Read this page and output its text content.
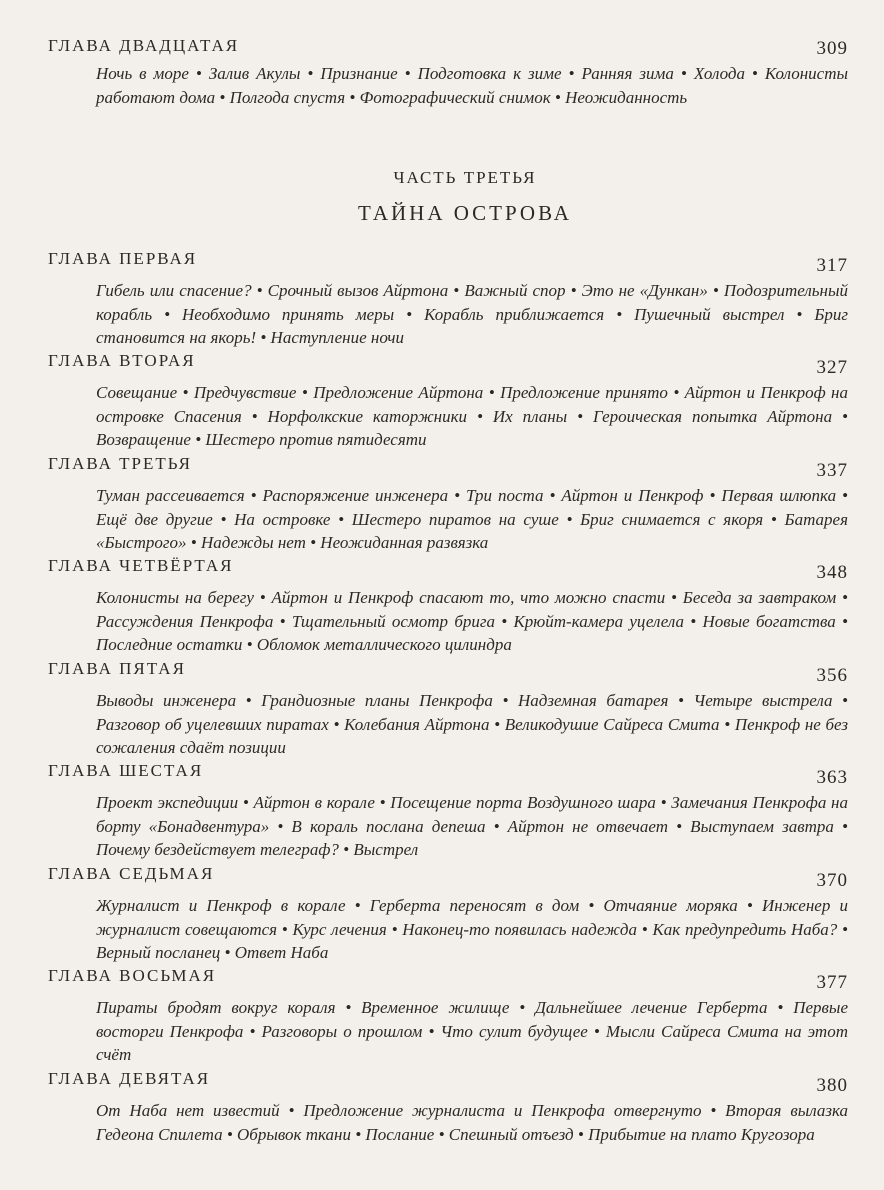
ГЛАВА ДВАДЦАТАЯ	309
Ночь в море • Залив Акулы • Признание • Подготовка к зиме • Ранняя зима • Холода • Колонисты работают дома • Полгода спустя • Фотографический снимок • Неожиданность
ЧАСТЬ ТРЕТЬЯ
ТАЙНА ОСТРОВА
ГЛАВА ПЕРВАЯ	317
Гибель или спасение? • Срочный вызов Айртона • Важный спор • Это не «Дункан» • Подозрительный корабль • Необходимо принять меры • Корабль приближается • Пушечный выстрел • Бриг становится на якорь! • Наступление ночи
ГЛАВА ВТОРАЯ	327
Совещание • Предчувствие • Предложение Айртона • Предложение принято • Айртон и Пенкроф на островке Спасения • Норфолкские каторжники • Их планы • Героическая попытка Айртона • Возвращение • Шестеро против пятидесяти
ГЛАВА ТРЕТЬЯ	337
Туман рассеивается • Распоряжение инженера • Три поста • Айртон и Пенкроф • Первая шлюпка • Ещё две другие • На островке • Шестеро пиратов на суше • Бриг снимается с якоря • Батарея «Быстрого» • Надежды нет • Неожиданная развязка
ГЛАВА ЧЕТВЁРТАЯ	348
Колонисты на берегу • Айртон и Пенкроф спасают то, что можно спасти • Беседа за завтраком • Рассуждения Пенкрофа • Тщательный осмотр брига • Крюйт-камера уцелела • Новые богатства • Последние остатки • Обломок металлического цилиндра
ГЛАВА ПЯТАЯ	356
Выводы инженера • Грандиозные планы Пенкрофа • Надземная батарея • Четыре выстрела • Разговор об уцелевших пиратах • Колебания Айртона • Великодушие Сайреса Смита • Пенкроф не без сожаления сдаёт позиции
ГЛАВА ШЕСТАЯ	363
Проект экспедиции • Айртон в корале • Посещение порта Воздушного шара • Замечания Пенкрофа на борту «Бонадвентура» • В кораль послана депеша • Айртон не отвечает • Выступаем завтра • Почему бездействует телеграф? • Выстрел
ГЛАВА СЕДЬМАЯ	370
Журналист и Пенкроф в корале • Герберта переносят в дом • Отчаяние моряка • Инженер и журналист совещаются • Курс лечения • Наконец-то появилась надежда • Как предупредить Наба? • Верный посланец • Ответ Наба
ГЛАВА ВОСЬМАЯ	377
Пираты бродят вокруг кораля • Временное жилище • Дальнейшее лечение Герберта • Первые восторги Пенкрофа • Разговоры о прошлом • Что сулит будущее • Мысли Сайреса Смита на этот счёт
ГЛАВА ДЕВЯТАЯ	380
От Наба нет известий • Предложение журналиста и Пенкрофа отвергнуто • Вторая вылазка Гедеона Спилета • Обрывок ткани • Послание • Спешный отъезд • Прибытие на плато Кругозора
